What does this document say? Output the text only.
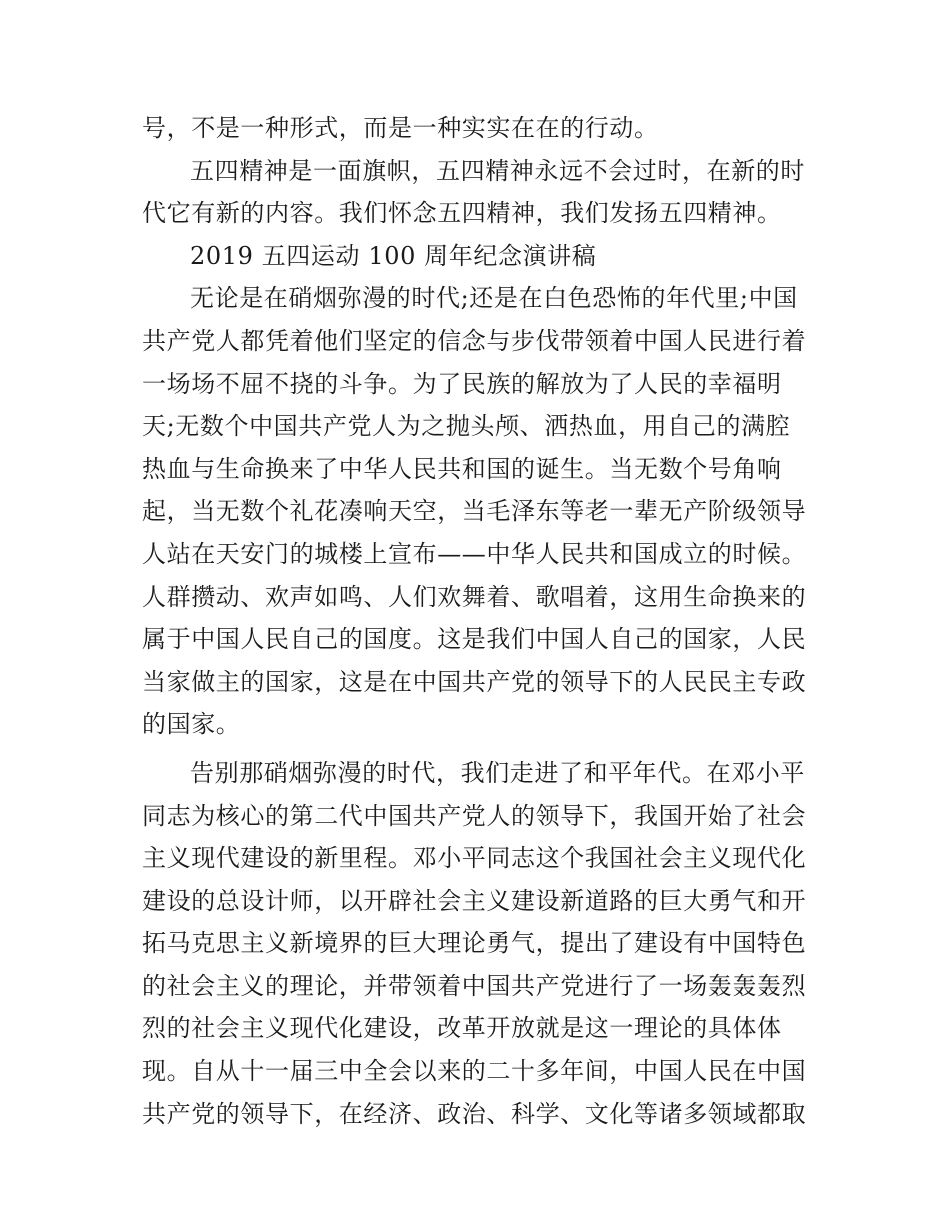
号，不是一种形式，而是一种实实在在的行动。
五四精神是一面旗帜，五四精神永远不会过时，在新的时
代它有新的内容。我们怀念五四精神，我们发扬五四精神。
2019 五四运动 100 周年纪念演讲稿
无论是在硝烟弥漫的时代;还是在白色恐怖的年代里;中国
共产党人都凭着他们坚定的信念与步伐带领着中国人民进行着
一场场不屈不挠的斗争。为了民族的解放为了人民的幸福明
天;无数个中国共产党人为之抛头颅、洒热血，用自己的满腔
热血与生命换来了中华人民共和国的诞生。当无数个号角响
起，当无数个礼花凑响天空，当毛泽东等老一辈无产阶级领导
人站在天安门的城楼上宣布——中华人民共和国成立的时候。
人群攒动、欢声如鸣、人们欢舞着、歌唱着，这用生命换来的
属于中国人民自己的国度。这是我们中国人自己的国家，人民
当家做主的国家，这是在中国共产党的领导下的人民民主专政
的国家。
告别那硝烟弥漫的时代，我们走进了和平年代。在邓小平
同志为核心的第二代中国共产党人的领导下，我国开始了社会
主义现代建设的新里程。邓小平同志这个我国社会主义现代化
建设的总设计师，以开辟社会主义建设新道路的巨大勇气和开
拓马克思主义新境界的巨大理论勇气，提出了建设有中国特色
的社会主义的理论，并带领着中国共产党进行了一场轰轰轰烈
烈的社会主义现代化建设，改革开放就是这一理论的具体体
现。自从十一届三中全会以来的二十多年间，中国人民在中国
共产党的领导下，在经济、政治、科学、文化等诸多领域都取
